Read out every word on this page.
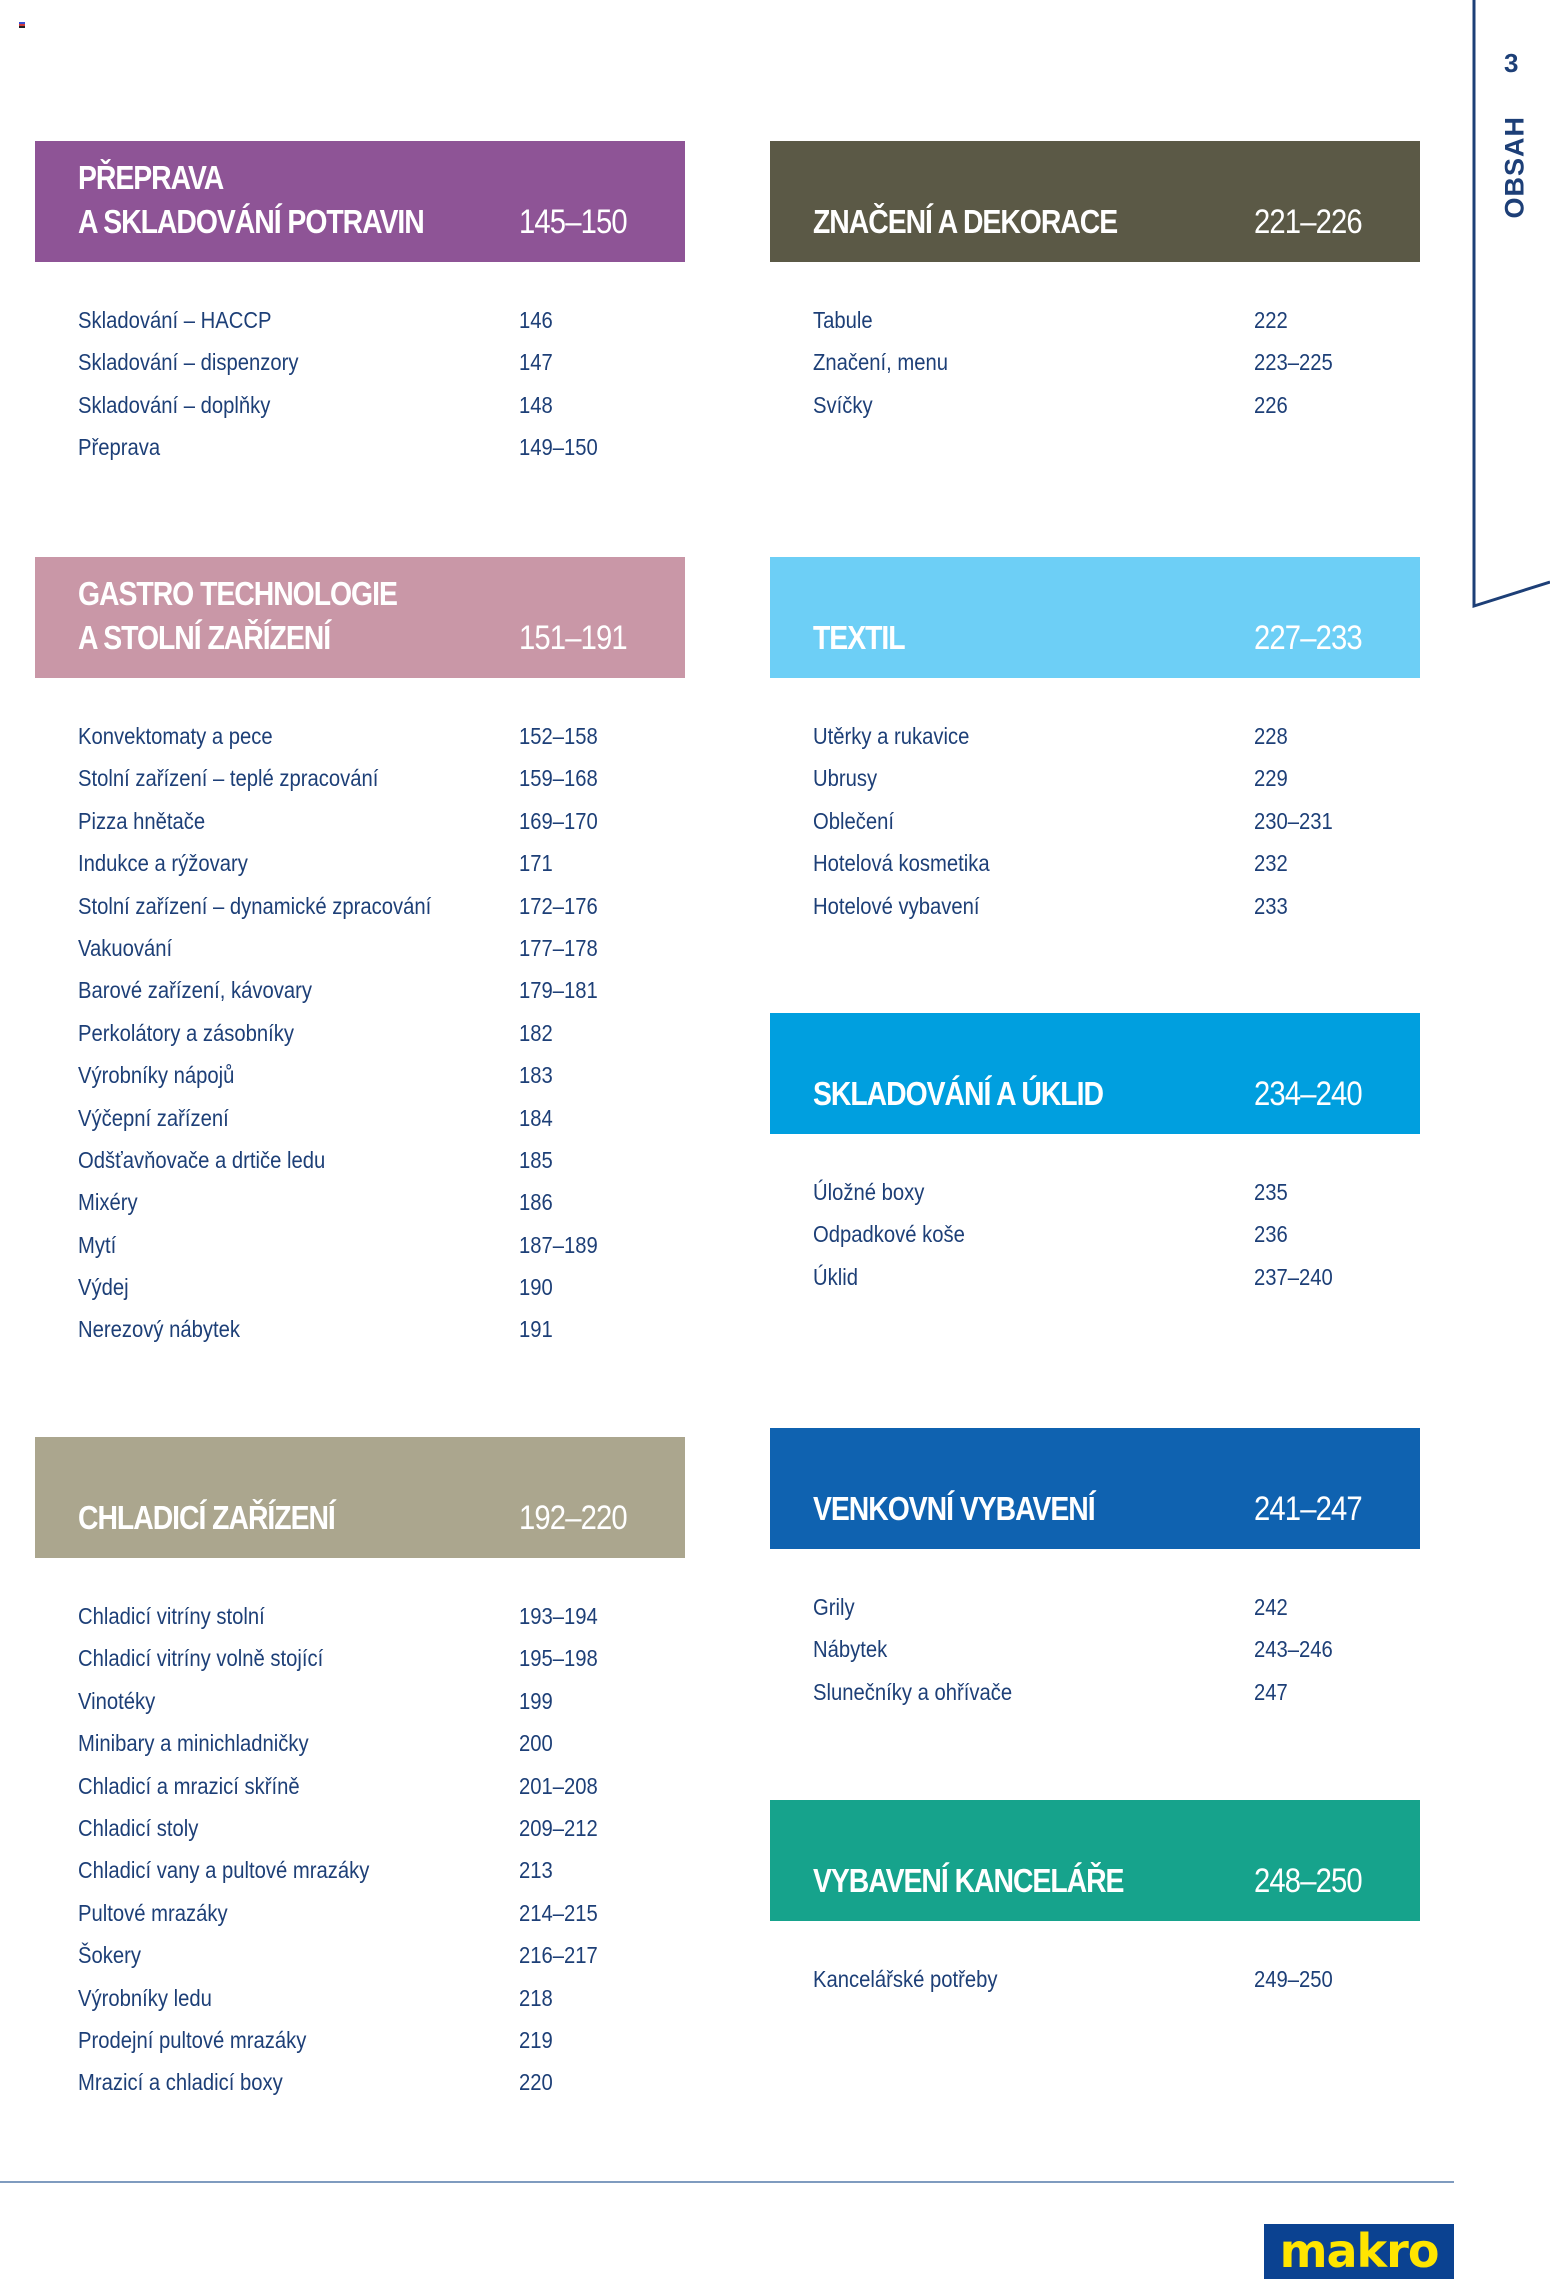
PŘEPRAVA
A SKLADOVÁNÍ POTRAVIN	145–150
Skladování – HACCP	146
Skladování – dispenzory	147
Skladování – doplňky	148
Přeprava	149–150
GASTRO TECHNOLOGIE
A STOLNÍ ZAŘÍZENÍ	151–191
Konvektomaty a pece	152–158
Stolní zařízení – teplé zpracování	159–168
Pizza hnětače	169–170
Indukce a rýžovary	171
Stolní zařízení – dynamické zpracování	172–176
Vakuování	177–178
Barové zařízení, kávovary	179–181
Perkolátory a zásobníky	182
Výrobníky nápojů	183
Výčepní zařízení	184
Odšťavňovače a drtiče ledu	185
Mixéry	186
Mytí	187–189
Výdej	190
Nerezový nábytek	191
CHLADICÍ ZAŘÍZENÍ	192–220
Chladicí vitríny stolní	193–194
Chladicí vitríny volně stojící	195–198
Vinotéky	199
Minibary a minichladničky	200
Chladicí a mrazicí skříně	201–208
Chladicí stoly	209–212
Chladicí vany a pultové mrazáky	213
Pultové mrazáky	214–215
Šokery	216–217
Výrobníky ledu	218
Prodejní pultové mrazáky	219
Mrazicí a chladicí boxy	220
ZNAČENÍ A DEKORACE	221–226
Tabule	222
Značení, menu	223–225
Svíčky	226
TEXTIL	227–233
Utěrky a rukavice	228
Ubrusy	229
Oblečení	230–231
Hotelová kosmetika	232
Hotelové vybavení	233
SKLADOVÁNÍ A ÚKLID	234–240
Úložné boxy	235
Odpadkové koše	236
Úklid	237–240
VENKOVNÍ VYBAVENÍ	241–247
Grily	242
Nábytek	243–246
Slunečníky a ohřívače	247
VYBAVENÍ KANCELÁŘE	248–250
Kancelářské potřeby	249–250
3
OBSAH
makro
